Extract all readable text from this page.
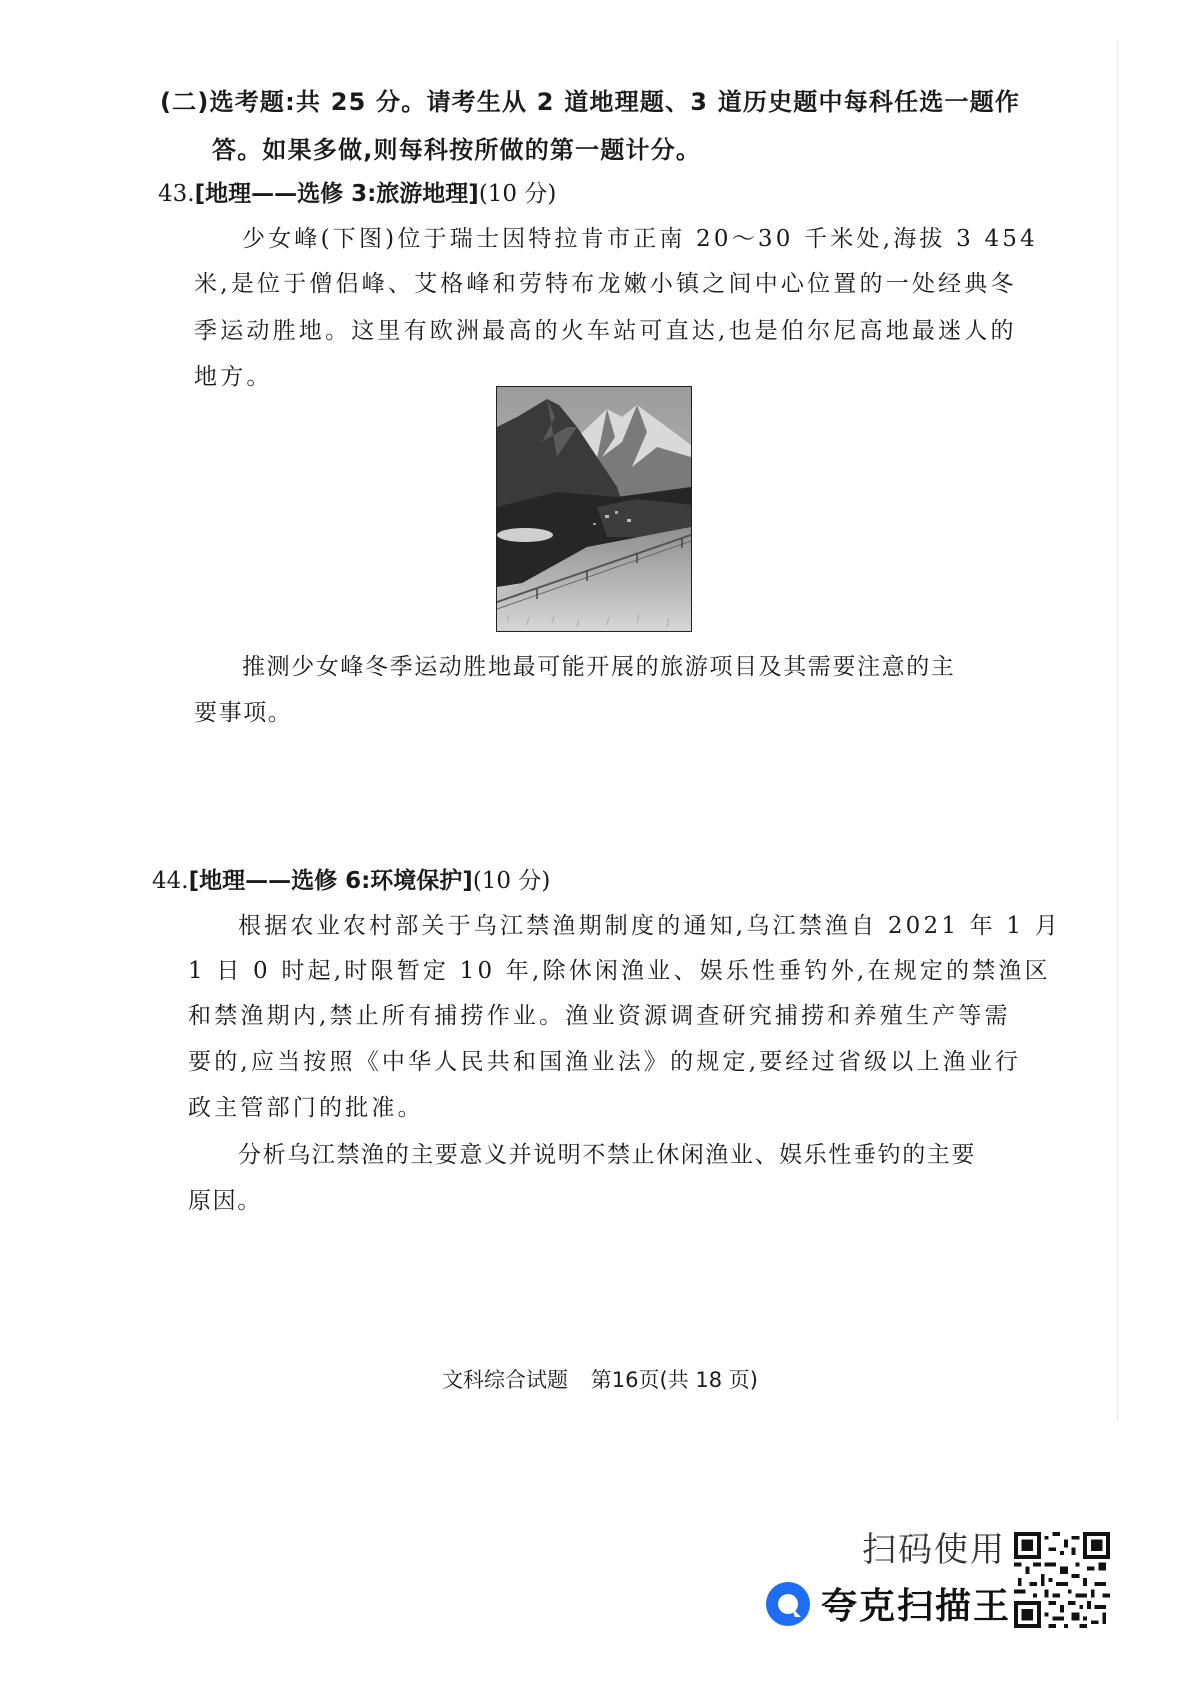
(二)选考题:共 25 分。请考生从 2 道地理题、3 道历史题中每科任选一题作
答。如果多做,则每科按所做的第一题计分。
43.[地理——选修 3:旅游地理](10 分)
少女峰(下图)位于瑞士因特拉肯市正南 20～30 千米处,海拔 3 454
米,是位于僧侣峰、艾格峰和劳特布龙嫩小镇之间中心位置的一处经典冬
季运动胜地。这里有欧洲最高的火车站可直达,也是伯尔尼高地最迷人的
地方。
推测少女峰冬季运动胜地最可能开展的旅游项目及其需要注意的主
要事项。
44.[地理——选修 6:环境保护](10 分)
根据农业农村部关于乌江禁渔期制度的通知,乌江禁渔自 2021 年 1 月
1 日 0 时起,时限暂定 10 年,除休闲渔业、娱乐性垂钓外,在规定的禁渔区
和禁渔期内,禁止所有捕捞作业。渔业资源调查研究捕捞和养殖生产等需
要的,应当按照《中华人民共和国渔业法》的规定,要经过省级以上渔业行
政主管部门的批准。
分析乌江禁渔的主要意义并说明不禁止休闲渔业、娱乐性垂钓的主要
原因。
文科综合试题 第16页(共 18 页)
扫码使用
夸克扫描王
